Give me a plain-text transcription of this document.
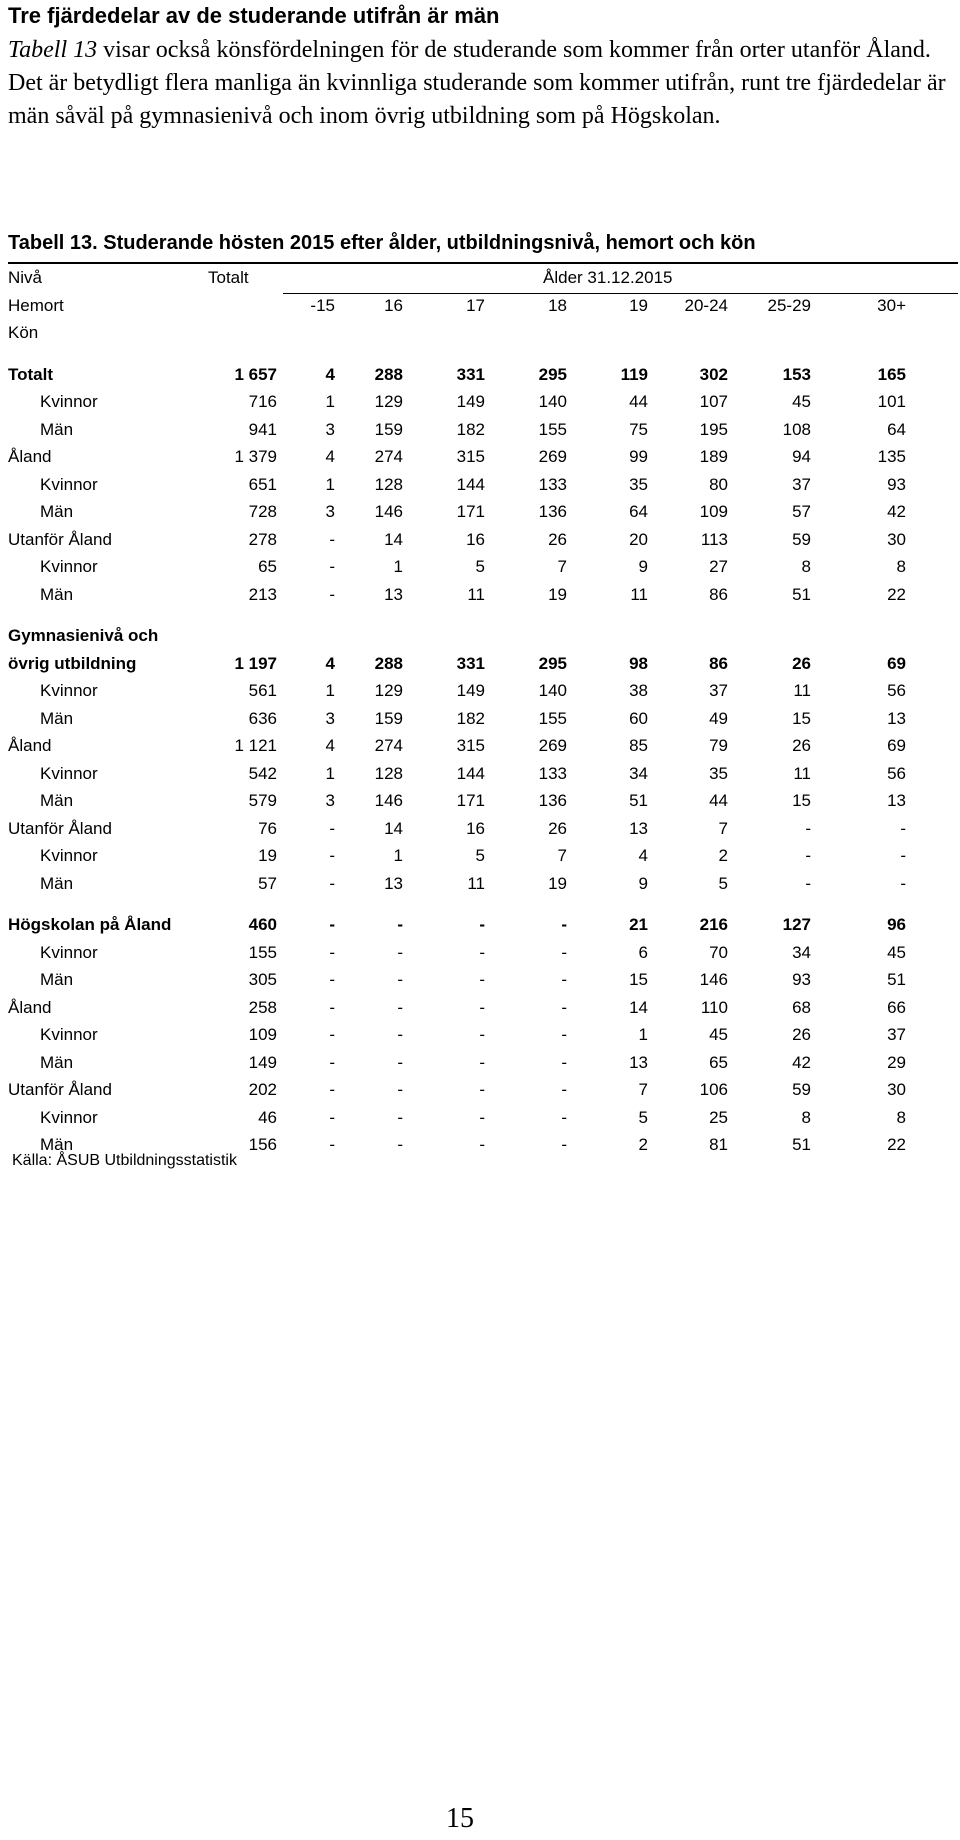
Tre fjärdedelar av de studerande utifrån är män
Tabell 13 visar också könsfördelningen för de studerande som kommer från orter utanför Åland. Det är betydligt flera manliga än kvinnliga studerande som kommer utifrån, runt tre fjärdedelar är män såväl på gymnasienivå och inom övrig utbildning som på Högskolan.
Tabell 13. Studerande hösten 2015 efter ålder, utbildningsnivå, hemort och kön
Nivå	Totalt	Ålder 31.12.2015
Hemort	-15	16	17	18	19	20-24	25-29	30+
Kön
Totalt	1 657	4	288	331	295	119	302	153	165
Kvinnor	716	1	129	149	140	44	107	45	101
Män	941	3	159	182	155	75	195	108	64
Åland	1 379	4	274	315	269	99	189	94	135
Kvinnor	651	1	128	144	133	35	80	37	93
Män	728	3	146	171	136	64	109	57	42
Utanför Åland	278	-	14	16	26	20	113	59	30
Kvinnor	65	-	1	5	7	9	27	8	8
Män	213	-	13	11	19	11	86	51	22
Gymnasienivå och
övrig utbildning	1 197	4	288	331	295	98	86	26	69
Kvinnor	561	1	129	149	140	38	37	11	56
Män	636	3	159	182	155	60	49	15	13
Åland	1 121	4	274	315	269	85	79	26	69
Kvinnor	542	1	128	144	133	34	35	11	56
Män	579	3	146	171	136	51	44	15	13
Utanför Åland	76	-	14	16	26	13	7	-	-
Kvinnor	19	-	1	5	7	4	2	-	-
Män	57	-	13	11	19	9	5	-	-
Högskolan på Åland	460	-	-	-	-	21	216	127	96
Kvinnor	155	-	-	-	-	6	70	34	45
Män	305	-	-	-	-	15	146	93	51
Åland	258	-	-	-	-	14	110	68	66
Kvinnor	109	-	-	-	-	1	45	26	37
Män	149	-	-	-	-	13	65	42	29
Utanför Åland	202	-	-	-	-	7	106	59	30
Kvinnor	46	-	-	-	-	5	25	8	8
Män	156	-	-	-	-	2	81	51	22
Källa: ÅSUB Utbildningsstatistik
15
